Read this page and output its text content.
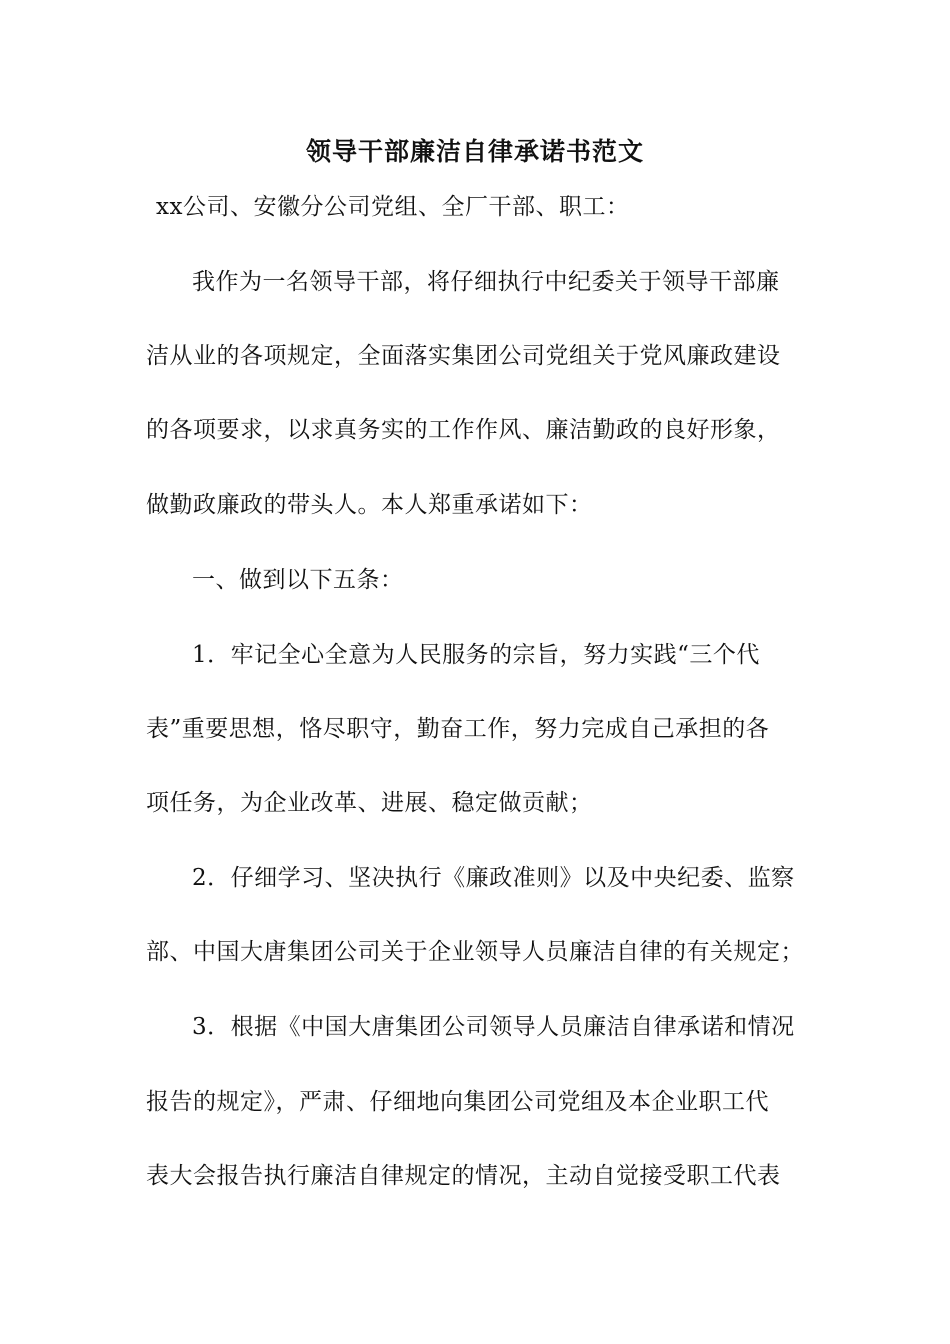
领导干部廉洁自律承诺书范文
xx公司、安徽分公司党组、全厂干部、职工：
我作为一名领导干部，将仔细执行中纪委关于领导干部廉
洁从业的各项规定，全面落实集团公司党组关于党风廉政建设
的各项要求，以求真务实的工作作风、廉洁勤政的良好形象，
做勤政廉政的带头人。本人郑重承诺如下：
一、做到以下五条：
1．牢记全心全意为人民服务的宗旨，努力实践“三个代
表”重要思想，恪尽职守，勤奋工作，努力完成自己承担的各
项任务，为企业改革、进展、稳定做贡献；
2．仔细学习、坚决执行《廉政准则》以及中央纪委、监察
部、中国大唐集团公司关于企业领导人员廉洁自律的有关规定；
3．根据《中国大唐集团公司领导人员廉洁自律承诺和情况
报告的规定》，严肃、仔细地向集团公司党组及本企业职工代
表大会报告执行廉洁自律规定的情况，主动自觉接受职工代表
